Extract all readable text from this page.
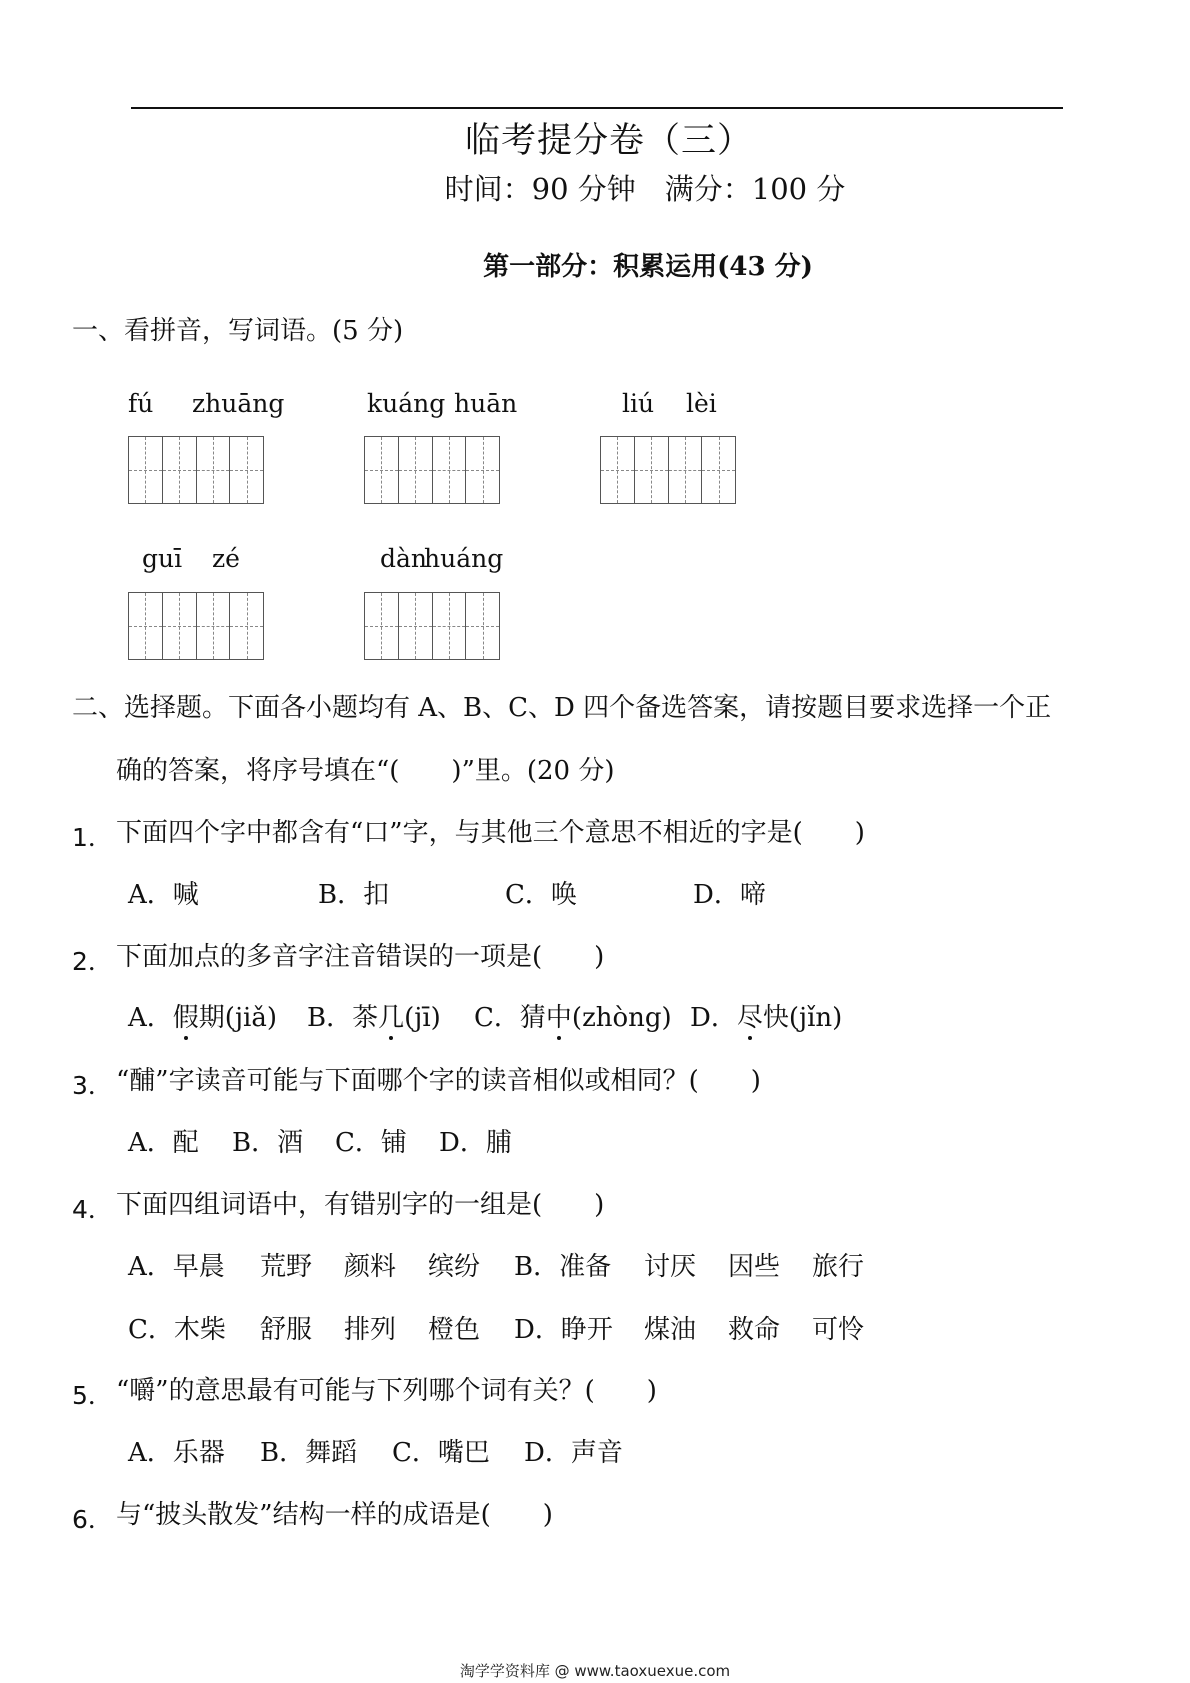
临考提分卷（三）
时间：90 分钟　满分：100 分
第一部分：积累运用(43 分)
一、看拼音，写词语。(5 分)
fú zhuāng	kuáng huān	liú lèi
guī zé	dàn
huáng
二、选择题。下面各小题均有 A、B、C、D 四个备选答案，请按题目要求选择一个正
确的答案，将序号填在“(　　)”里。(20 分)
1． 下面四个字中都含有“口”字，与其他三个意思不相近的字是(　　)
A．喊	B．扣	C．唤	D．啼
2． 下面加点的多音字注音错误的一项是(　　)
A．假期(jiǎ) B．茶几(jī) C．猜中(zhòng) D．尽快(jǐn)
3． “酺”字读音可能与下面哪个字的读音相似或相同？(　　)
A．配 B．酒 C．铺 D．脯
4． 下面四组词语中，有错别字的一组是(　　)
A．早晨 荒野 颜料 缤纷 B．准备 讨厌 因些 旅行
C．木柴 舒服 排列 橙色 D．睁开 煤油 救命 可怜
5． “嚼”的意思最有可能与下列哪个词有关？(　　)
A．乐器 B．舞蹈 C．嘴巴 D．声音
6． 与“披头散发”结构一样的成语是(　　)
淘学学资料库 @ www.taoxuexue.com
